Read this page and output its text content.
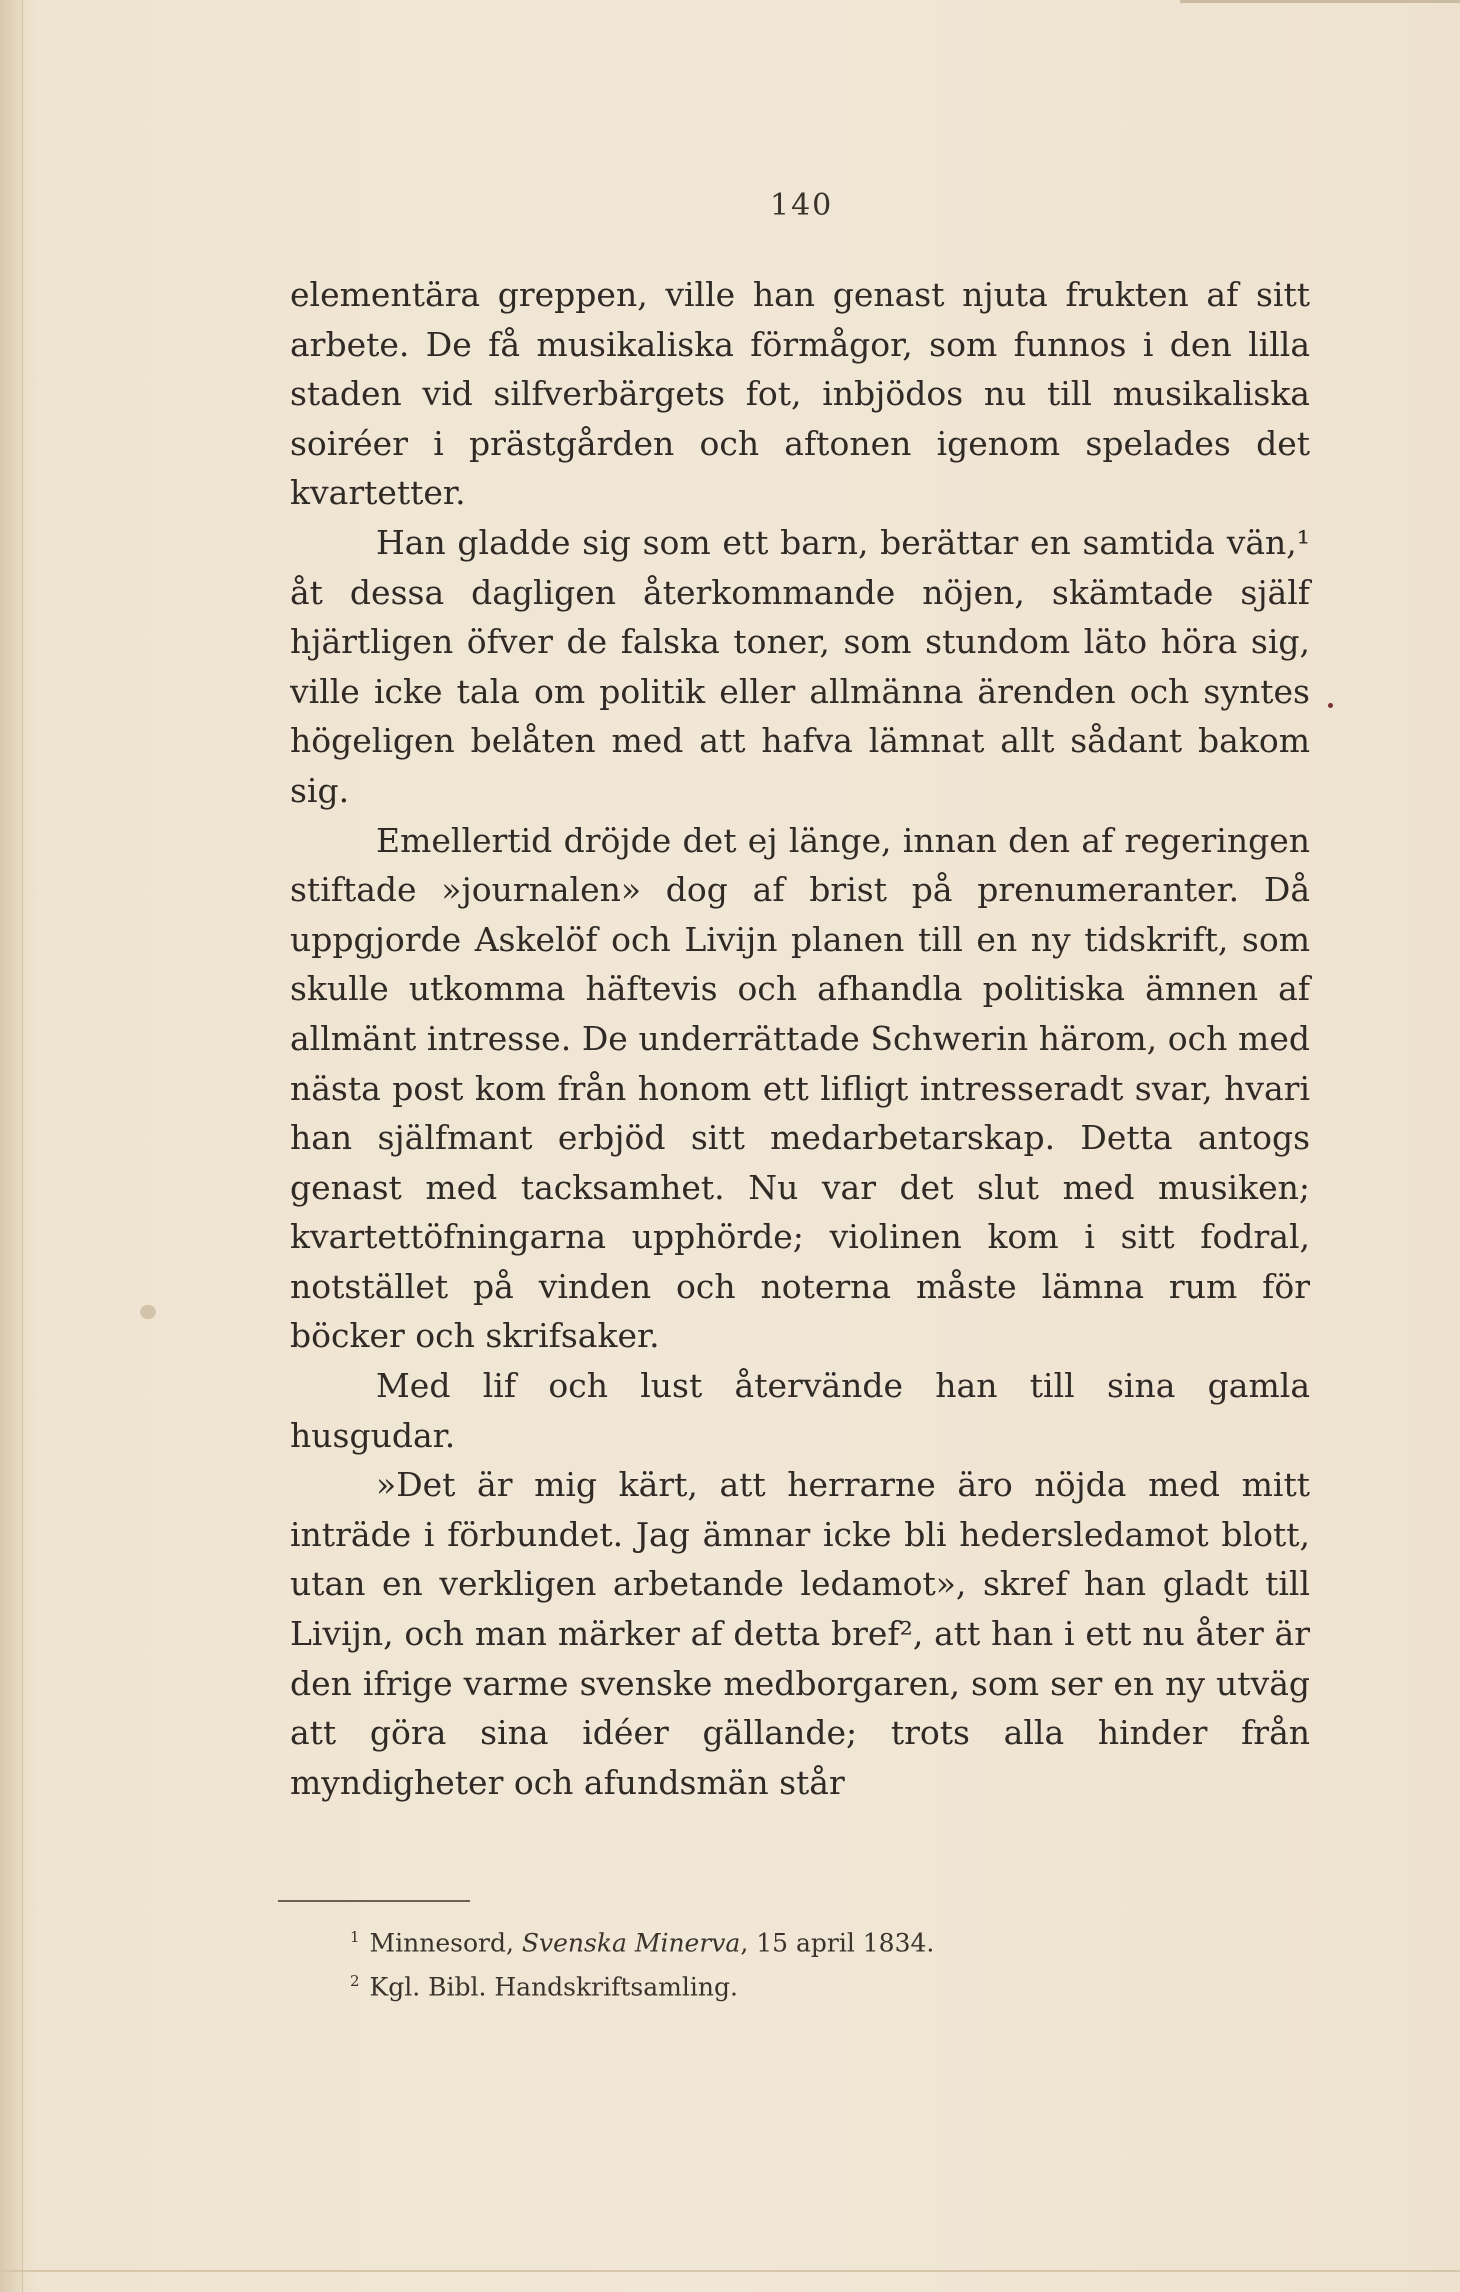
140

elementära greppen, ville han genast njuta frukten af sitt arbete. De få musikaliska förmågor, som funnos i den lilla staden vid silfverbärgets fot, inbjödos nu till musikaliska soiréer i prästgården och aftonen igenom spelades det kvartetter.

Han gladde sig som ett barn, berättar en samtida vän,¹ åt dessa dagligen återkommande nöjen, skämtade själf hjärtligen öfver de falska toner, som stundom läto höra sig, ville icke tala om politik eller allmänna ärenden och syntes högeligen belåten med att hafva lämnat allt sådant bakom sig.

Emellertid dröjde det ej länge, innan den af regeringen stiftade »journalen» dog af brist på prenumeranter. Då uppgjorde Askelöf och Livijn planen till en ny tidskrift, som skulle utkomma häftevis och afhandla politiska ämnen af allmänt intresse. De underrättade Schwerin härom, och med nästa post kom från honom ett lifligt intresseradt svar, hvari han själfmant erbjöd sitt medarbetarskap. Detta antogs genast med tacksamhet. Nu var det slut med musiken; kvartettöfningarna upphörde; violinen kom i sitt fodral, notstället på vinden och noterna måste lämna rum för böcker och skrifsaker.

Med lif och lust återvände han till sina gamla husgudar.

»Det är mig kärt, att herrarne äro nöjda med mitt inträde i förbundet. Jag ämnar icke bli hedersledamot blott, utan en verkligen arbetande ledamot», skref han gladt till Livijn, och man märker af detta bref², att han i ett nu åter är den ifrige varme svenske medborgaren, som ser en ny utväg att göra sina idéer gällande; trots alla hinder från myndigheter och afundsmän står

$^1$ Minnesord, Svenska Minerva, 15 april 1834.
$^2$ Kgl. Bibl. Handskriftsamling.
